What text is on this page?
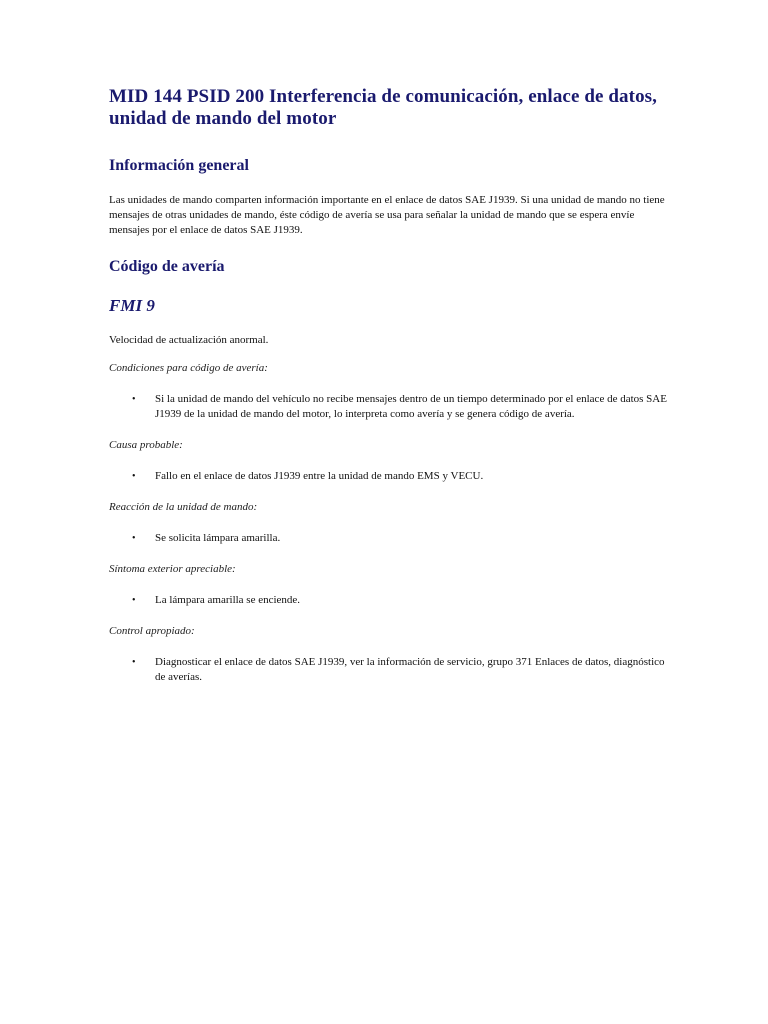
MID 144 PSID 200 Interferencia de comunicación, enlace de datos, unidad de mando del motor
Información general

Las unidades de mando comparten información importante en el enlace de datos SAE J1939. Si una unidad de mando no tiene mensajes de otras unidades de mando, éste código de avería se usa para señalar la unidad de mando que se espera envíe mensajes por el enlace de datos SAE J1939.

Código de avería
FMI 9

Velocidad de actualización anormal.

Condiciones para código de avería:

• Si la unidad de mando del vehículo no recibe mensajes dentro de un tiempo determinado por el enlace de datos SAE J1939 de la unidad de mando del motor, lo interpreta como avería y se genera código de avería.

Causa probable:

• Fallo en el enlace de datos J1939 entre la unidad de mando EMS y VECU.

Reacción de la unidad de mando:

• Se solicita lámpara amarilla.

Síntoma exterior apreciable:

• La lámpara amarilla se enciende.

Control apropiado:

• Diagnosticar el enlace de datos SAE J1939, ver la información de servicio, grupo 371 Enlaces de datos, diagnóstico de averías.
